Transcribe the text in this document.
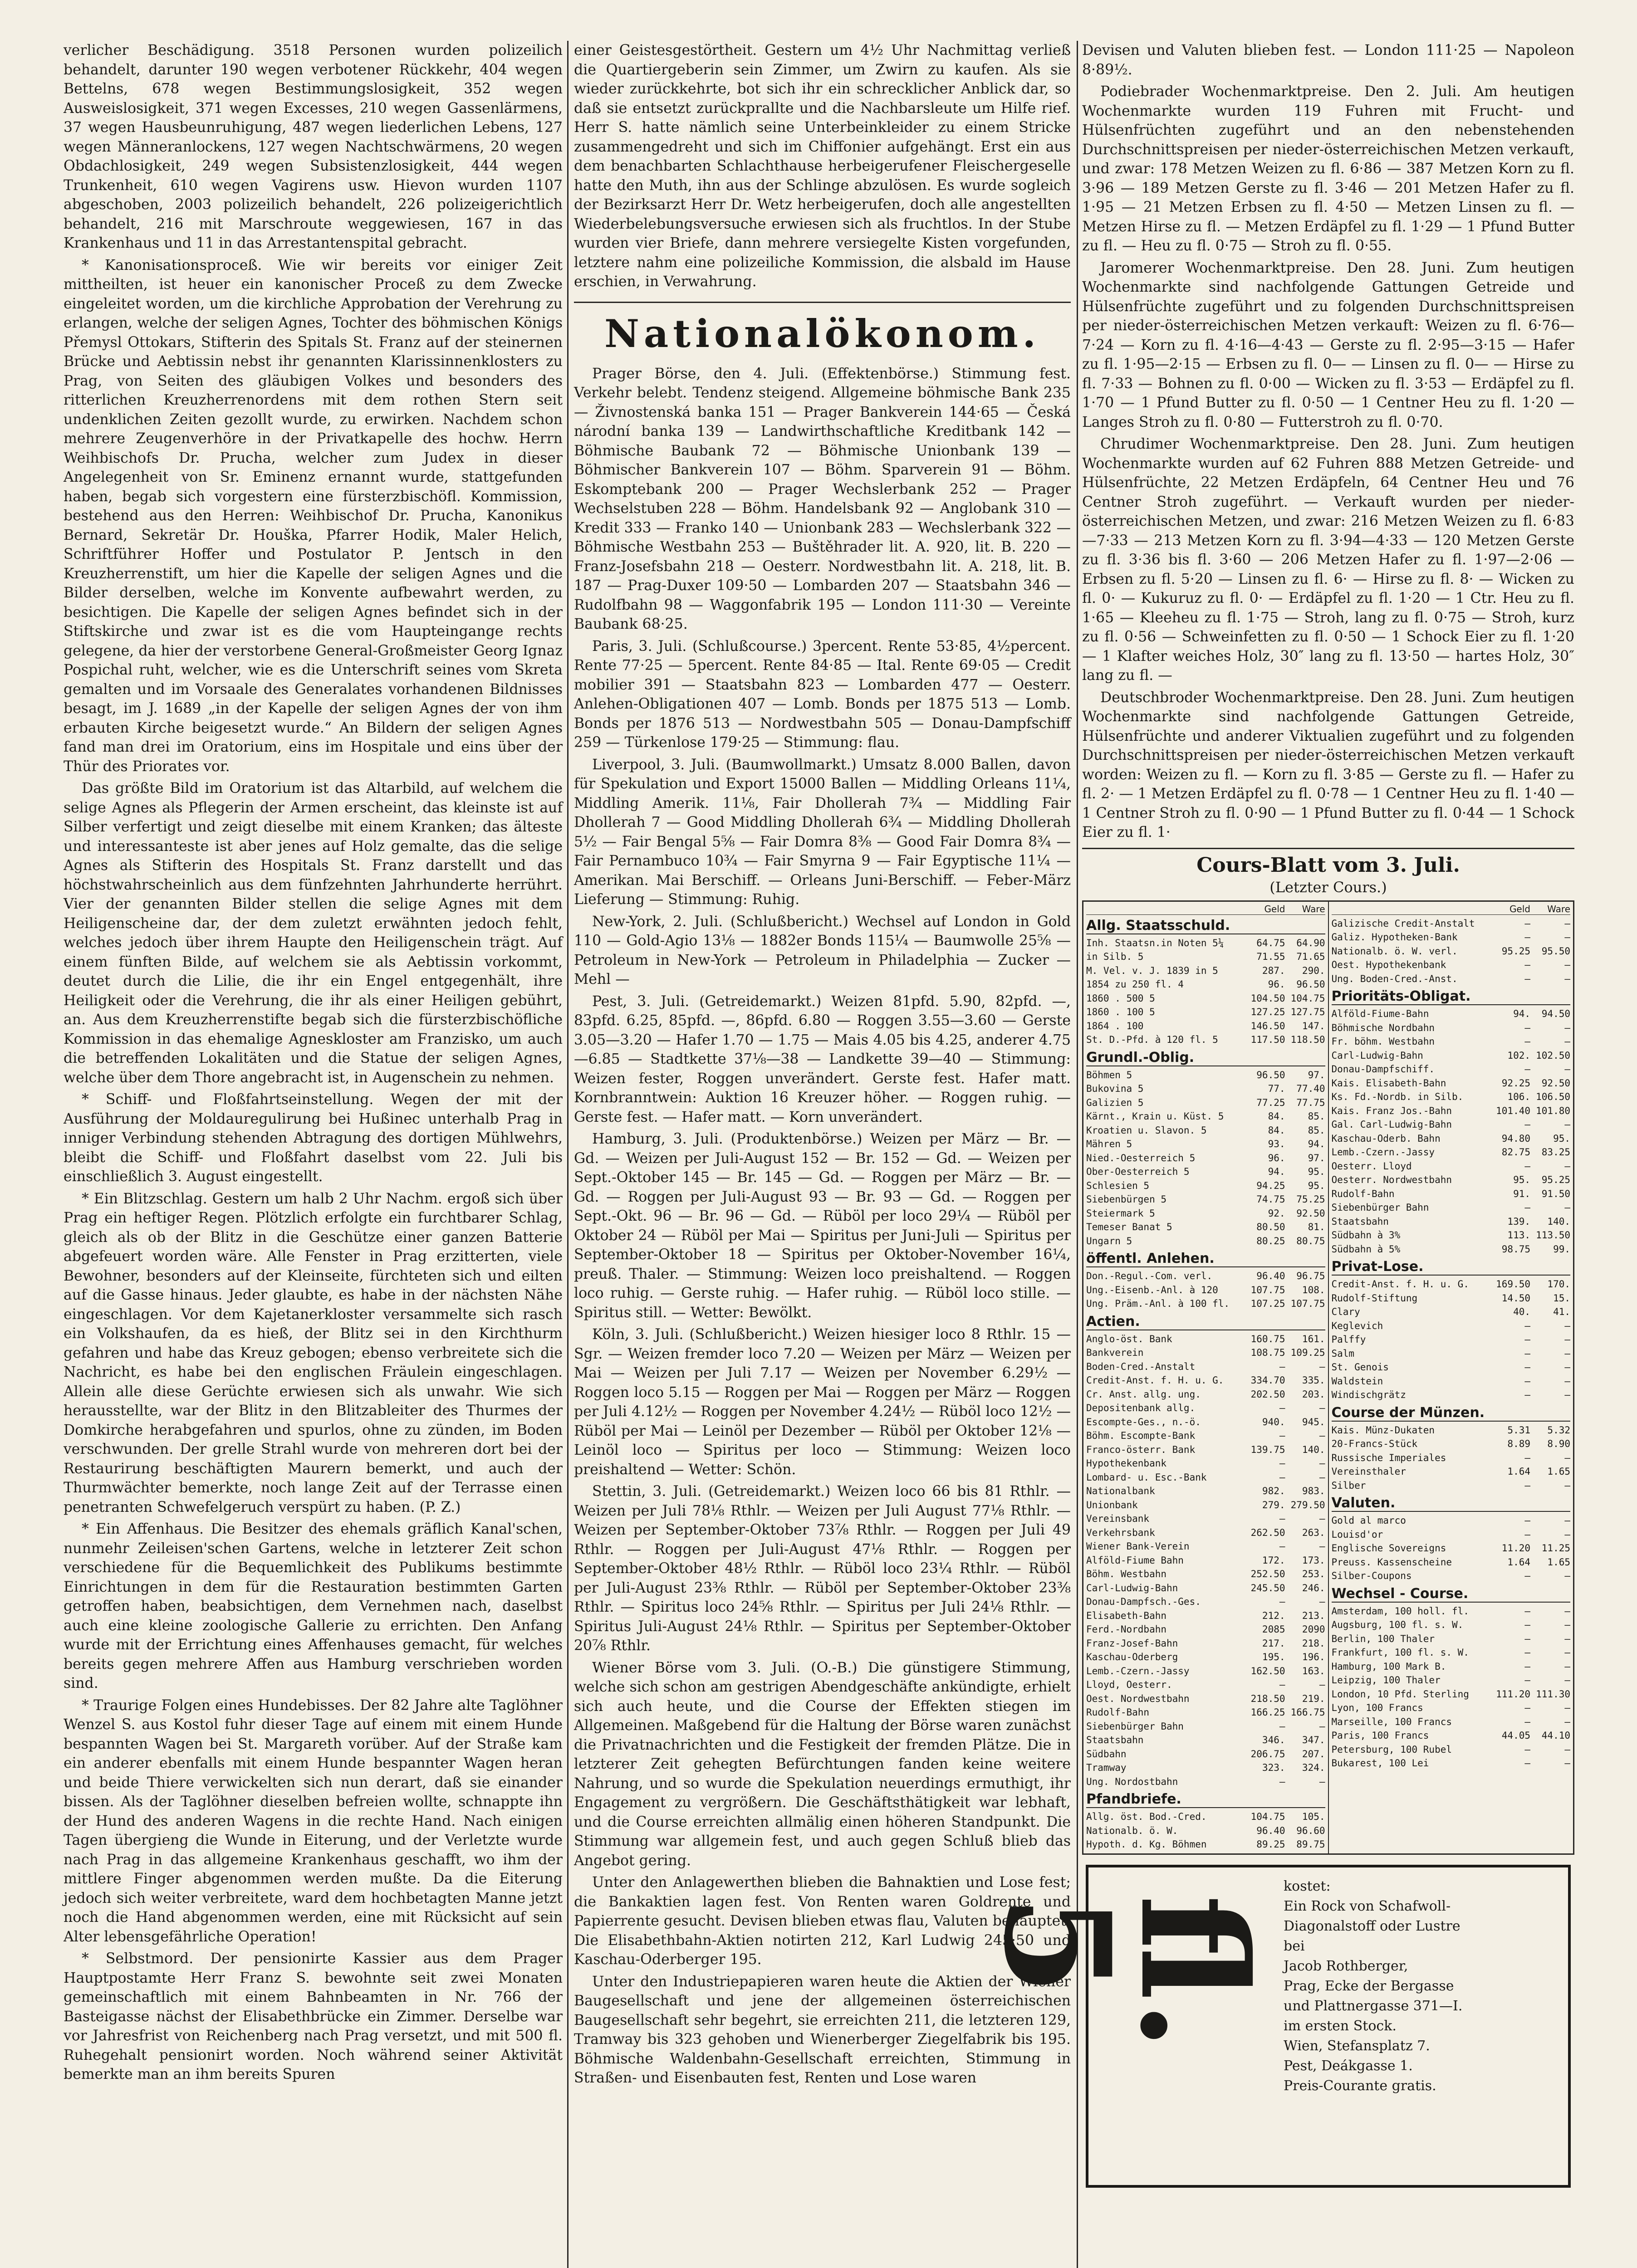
verlicher Beschädigung. 3518 Personen wurden polizeilich behandelt, darunter 190 wegen verbotener Rückkehr, 404 wegen Bettelns, 678 wegen Bestimmungslosigkeit, 352 wegen Ausweislosigkeit, 371 wegen Excesses, 210 wegen Gassenlärmens, 37 wegen Hausbeunruhigung, 487 wegen liederlichen Lebens, 127 wegen Männeranlockens, 127 wegen Nachtschwärmens, 20 wegen Obdachlosigkeit, 249 wegen Subsistenzlosigkeit, 444 wegen Trunkenheit, 610 wegen Vagirens usw. Hievon wurden 1107 abgeschoben, 2003 polizeilich behandelt, 226 polizeigerichtlich behandelt, 216 mit Marschroute weggewiesen, 167 in das Krankenhaus und 11 in das Arrestantenspital gebracht.

* Kanonisationsproceß. Wie wir bereits vor einiger Zeit mittheilten, ist heuer ein kanonischer Proceß zu dem Zwecke eingeleitet worden, um die kirchliche Approbation der Verehrung zu erlangen, welche der seligen Agnes, Tochter des böhmischen Königs Přemysl Ottokars, Stifterin des Spitals St. Franz auf der steinernen Brücke und Aebtissin nebst ihr genannten Klarissinnenklosters zu Prag, von Seiten des gläubigen Volkes und besonders des ritterlichen Kreuzherrenordens mit dem rothen Stern seit undenklichen Zeiten gezollt wurde, zu erwirken. Nachdem schon mehrere Zeugenverhöre in der Privatkapelle des hochw. Herrn Weihbischofs Dr. Prucha, welcher zum Judex in dieser Angelegenheit von Sr. Eminenz ernannt wurde, stattgefunden haben, begab sich vorgestern eine fürsterzbischöfl. Kommission, bestehend aus den Herren: Weihbischof Dr. Prucha, Kanonikus Bernard, Sekretär Dr. Houška, Pfarrer Hodik, Maler Helich, Schriftführer Hoffer und Postulator P. Jentsch in den Kreuzherrenstift, um hier die Kapelle der seligen Agnes und die Bilder derselben, welche im Konvente aufbewahrt werden, zu besichtigen. Die Kapelle der seligen Agnes befindet sich in der Stiftskirche und zwar ist es die vom Haupteingange rechts gelegene, da hier der verstorbene General-Großmeister Georg Ignaz Pospichal ruht, welcher, wie es die Unterschrift seines vom Skreta gemalten und im Vorsaale des Generalates vorhandenen Bildnisses besagt, im J. 1689 „in der Kapelle der seligen Agnes der von ihm erbauten Kirche beigesetzt wurde.“ An Bildern der seligen Agnes fand man drei im Oratorium, eins im Hospitale und eins über der Thür des Priorates vor.

Das größte Bild im Oratorium ist das Altarbild, auf welchem die selige Agnes als Pflegerin der Armen erscheint, das kleinste ist auf Silber verfertigt und zeigt dieselbe mit einem Kranken; das älteste und interessanteste ist aber jenes auf Holz gemalte, das die selige Agnes als Stifterin des Hospitals St. Franz darstellt und das höchstwahrscheinlich aus dem fünfzehnten Jahrhunderte herrührt. Vier der genannten Bilder stellen die selige Agnes mit dem Heiligenscheine dar, der dem zuletzt erwähnten jedoch fehlt, welches jedoch über ihrem Haupte den Heiligenschein trägt. Auf einem fünften Bilde, auf welchem sie als Aebtissin vorkommt, deutet durch die Lilie, die ihr ein Engel entgegenhält, ihre Heiligkeit oder die Verehrung, die ihr als einer Heiligen gebührt, an. Aus dem Kreuzherrenstifte begab sich die fürsterzbischöfliche Kommission in das ehemalige Agneskloster am Franzisko, um auch die betreffenden Lokalitäten und die Statue der seligen Agnes, welche über dem Thore angebracht ist, in Augenschein zu nehmen.

* Schiff- und Floßfahrtseinstellung. Wegen der mit der Ausführung der Moldauregulirung bei Hußinec unterhalb Prag in inniger Verbindung stehenden Abtragung des dortigen Mühlwehrs, bleibt die Schiff- und Floßfahrt daselbst vom 22. Juli bis einschließlich 3. August eingestellt.

* Ein Blitzschlag. Gestern um halb 2 Uhr Nachm. ergoß sich über Prag ein heftiger Regen. Plötzlich erfolgte ein furchtbarer Schlag, gleich als ob der Blitz in die Geschütze einer ganzen Batterie abgefeuert worden wäre. Alle Fenster in Prag erzitterten, viele Bewohner, besonders auf der Kleinseite, fürchteten sich und eilten auf die Gasse hinaus. Jeder glaubte, es habe in der nächsten Nähe eingeschlagen. Vor dem Kajetanerkloster versammelte sich rasch ein Volkshaufen, da es hieß, der Blitz sei in den Kirchthurm gefahren und habe das Kreuz gebogen; ebenso verbreitete sich die Nachricht, es habe bei den englischen Fräulein eingeschlagen. Allein alle diese Gerüchte erwiesen sich als unwahr. Wie sich herausstellte, war der Blitz in den Blitzableiter des Thurmes der Domkirche herabgefahren und spurlos, ohne zu zünden, im Boden verschwunden. Der grelle Strahl wurde von mehreren dort bei der Restaurirung beschäftigten Maurern bemerkt, und auch der Thurmwächter bemerkte, noch lange Zeit auf der Terrasse einen penetranten Schwefelgeruch verspürt zu haben. (P. Z.)

* Ein Affenhaus. Die Besitzer des ehemals gräflich Kanal'schen, nunmehr Zeileisen'schen Gartens, welche in letzterer Zeit schon verschiedene für die Bequemlichkeit des Publikums bestimmte Einrichtungen in dem für die Restauration bestimmten Garten getroffen haben, beabsichtigen, dem Vernehmen nach, daselbst auch eine kleine zoologische Gallerie zu errichten. Den Anfang wurde mit der Errichtung eines Affenhauses gemacht, für welches bereits gegen mehrere Affen aus Hamburg verschrieben worden sind.

* Traurige Folgen eines Hundebisses. Der 82 Jahre alte Taglöhner Wenzel S. aus Kostol fuhr dieser Tage auf einem mit einem Hunde bespannten Wagen bei St. Margareth vorüber. Auf der Straße kam ein anderer ebenfalls mit einem Hunde bespannter Wagen heran und beide Thiere verwickelten sich nun derart, daß sie einander bissen. Als der Taglöhner dieselben befreien wollte, schnappte ihn der Hund des anderen Wagens in die rechte Hand. Nach einigen Tagen übergieng die Wunde in Eiterung, und der Verletzte wurde nach Prag in das allgemeine Krankenhaus geschafft, wo ihm der mittlere Finger abgenommen werden mußte. Da die Eiterung jedoch sich weiter verbreitete, ward dem hochbetagten Manne jetzt noch die Hand abgenommen werden, eine mit Rücksicht auf sein Alter lebensgefährliche Operation!

* Selbstmord. Der pensionirte Kassier aus dem Prager Hauptpostamte Herr Franz S. bewohnte seit zwei Monaten gemeinschaftlich mit einem Bahnbeamten in Nr. 766 der Basteigasse nächst der Elisabethbrücke ein Zimmer. Derselbe war vor Jahresfrist von Reichenberg nach Prag versetzt, und mit 500 fl. Ruhegehalt pensionirt worden. Noch während seiner Aktivität bemerkte man an ihm bereits Spuren

einer Geistesgestörtheit. Gestern um 4½ Uhr Nachmittag verließ die Quartiergeberin sein Zimmer, um Zwirn zu kaufen. Als sie wieder zurückkehrte, bot sich ihr ein schrecklicher Anblick dar, so daß sie entsetzt zurückprallte und die Nachbarsleute um Hilfe rief. Herr S. hatte nämlich seine Unterbeinkleider zu einem Stricke zusammengedreht und sich im Chiffonier aufgehängt. Erst ein aus dem benachbarten Schlachthause herbeigerufener Fleischergeselle hatte den Muth, ihn aus der Schlinge abzulösen. Es wurde sogleich der Bezirksarzt Herr Dr. Wetz herbeigerufen, doch alle angestellten Wiederbelebungsversuche erwiesen sich als fruchtlos. In der Stube wurden vier Briefe, dann mehrere versiegelte Kisten vorgefunden, letztere nahm eine polizeiliche Kommission, die alsbald im Hause erschien, in Verwahrung.

Nationalökonom.

Prager Börse, den 4. Juli. (Effektenbörse.) Stimmung fest. Verkehr belebt. Tendenz steigend. Allgemeine böhmische Bank 235 — Živnostenská banka 151 — Prager Bankverein 144·65 — Česká národní banka 139 — Landwirthschaftliche Kreditbank 142 — Böhmische Baubank 72 — Böhmische Unionbank 139 — Böhmischer Bankverein 107 — Böhm. Sparverein 91 — Böhm. Eskomptebank 200 — Prager Wechslerbank 252 — Prager Wechselstuben 228 — Böhm. Handelsbank 92 — Anglobank 310 — Kredit 333 — Franko 140 — Unionbank 283 — Wechslerbank 322 — Böhmische Westbahn 253 — Buštěhrader lit. A. 920, lit. B. 220 — Franz-Josefsbahn 218 — Oesterr. Nordwestbahn lit. A. 218, lit. B. 187 — Prag-Duxer 109·50 — Lombarden 207 — Staatsbahn 346 — Rudolfbahn 98 — Waggonfabrik 195 — London 111·30 — Vereinte Baubank 68·25.

Paris, 3. Juli. (Schlußcourse.) 3percent. Rente 53·85, 4½percent. Rente 77·25 — 5percent. Rente 84·85 — Ital. Rente 69·05 — Credit mobilier 391 — Staatsbahn 823 — Lombarden 477 — Oesterr. Anlehen-Obligationen 407 — Lomb. Bonds per 1875 513 — Lomb. Bonds per 1876 513 — Nordwestbahn 505 — Donau-Dampfschiff 259 — Türkenlose 179·25 — Stimmung: flau.

Liverpool, 3. Juli. (Baumwollmarkt.) Umsatz 8.000 Ballen, davon für Spekulation und Export 15000 Ballen — Middling Orleans 11¼, Middling Amerik. 11⅛, Fair Dhollerah 7¾ — Middling Fair Dhollerah 7 — Good Middling Dhollerah 6¾ — Middling Dhollerah 5½ — Fair Bengal 5⅝ — Fair Domra 8⅜ — Good Fair Domra 8¾ — Fair Pernambuco 10¾ — Fair Smyrna 9 — Fair Egyptische 11¼ — Amerikan. Mai Berschiff. — Orleans Juni-Berschiff. — Feber-März Lieferung — Stimmung: Ruhig.

New-York, 2. Juli. (Schlußbericht.) Wechsel auf London in Gold 110 — Gold-Agio 13⅛ — 1882er Bonds 115¼ — Baumwolle 25⅝ — Petroleum in New-York — Petroleum in Philadelphia — Zucker — Mehl —

Pest, 3. Juli. (Getreidemarkt.) Weizen 81pfd. 5.90, 82pfd. —, 83pfd. 6.25, 85pfd. —, 86pfd. 6.80 — Roggen 3.55—3.60 — Gerste 3.05—3.20 — Hafer 1.70 — 1.75 — Mais 4.05 bis 4.25, anderer 4.75—6.85 — Stadtkette 37⅛—38 — Landkette 39—40 — Stimmung: Weizen fester, Roggen unverändert. Gerste fest. Hafer matt. Kornbranntwein: Auktion 16 Kreuzer höher. — Roggen ruhig. — Gerste fest. — Hafer matt. — Korn unverändert.

Hamburg, 3. Juli. (Produktenbörse.) Weizen per März — Br. — Gd. — Weizen per Juli-August 152 — Br. 152 — Gd. — Weizen per Sept.-Oktober 145 — Br. 145 — Gd. — Roggen per März — Br. — Gd. — Roggen per Juli-August 93 — Br. 93 — Gd. — Roggen per Sept.-Okt. 96 — Br. 96 — Gd. — Rüböl per loco 29¼ — Rüböl per Oktober 24 — Rüböl per Mai — Spiritus per Juni-Juli — Spiritus per September-Oktober 18 — Spiritus per Oktober-November 16¼, preuß. Thaler. — Stimmung: Weizen loco preishaltend. — Roggen loco ruhig. — Gerste ruhig. — Hafer ruhig. — Rüböl loco stille. — Spiritus still. — Wetter: Bewölkt.

Köln, 3. Juli. (Schlußbericht.) Weizen hiesiger loco 8 Rthlr. 15 — Sgr. — Weizen fremder loco 7.20 — Weizen per März — Weizen per Mai — Weizen per Juli 7.17 — Weizen per November 6.29½ — Roggen loco 5.15 — Roggen per Mai — Roggen per März — Roggen per Juli 4.12½ — Roggen per November 4.24½ — Rüböl loco 12½ — Rüböl per Mai — Leinöl per Dezember — Rüböl per Oktober 12⅛ — Leinöl loco — Spiritus per loco — Stimmung: Weizen loco preishaltend — Wetter: Schön.

Stettin, 3. Juli. (Getreidemarkt.) Weizen loco 66 bis 81 Rthlr. — Weizen per Juli 78⅛ Rthlr. — Weizen per Juli August 77⅛ Rthlr. — Weizen per September-Oktober 73⅞ Rthlr. — Roggen per Juli 49 Rthlr. — Roggen per Juli-August 47⅛ Rthlr. — Roggen per September-Oktober 48½ Rthlr. — Rüböl loco 23¼ Rthlr. — Rüböl per Juli-August 23⅜ Rthlr. — Rüböl per September-Oktober 23⅜ Rthlr. — Spiritus loco 24⅝ Rthlr. — Spiritus per Juli 24⅛ Rthlr. — Spiritus Juli-August 24⅛ Rthlr. — Spiritus per September-Oktober 20⅞ Rthlr.

Wiener Börse vom 3. Juli. (O.-B.) Die günstigere Stimmung, welche sich schon am gestrigen Abendgeschäfte ankündigte, erhielt sich auch heute, und die Course der Effekten stiegen im Allgemeinen. Maßgebend für die Haltung der Börse waren zunächst die Privatnachrichten und die Festigkeit der fremden Plätze. Die in letzterer Zeit gehegten Befürchtungen fanden keine weitere Nahrung, und so wurde die Spekulation neuerdings ermuthigt, ihr Engagement zu vergrößern. Die Geschäftsthätigkeit war lebhaft, und die Course erreichten allmälig einen höheren Standpunkt. Die Stimmung war allgemein fest, und auch gegen Schluß blieb das Angebot gering.

Unter den Anlagewerthen blieben die Bahnaktien und Lose fest; die Bankaktien lagen fest. Von Renten waren Goldrente und Papierrente gesucht. Devisen blieben etwas flau, Valuten behauptet. Die Elisabethbahn-Aktien notirten 212, Karl Ludwig 245·50 und Kaschau-Oderberger 195.

Unter den Industriepapieren waren heute die Aktien der Wiener Baugesellschaft und jene der allgemeinen österreichischen Baugesellschaft sehr begehrt, sie erreichten 211, die letzteren 129, Tramway bis 323 gehoben und Wienerberger Ziegelfabrik bis 195. Böhmische Waldenbahn-Gesellschaft erreichten, Stimmung in Straßen- und Eisenbauten fest, Renten und Lose waren

Devisen und Valuten blieben fest. — London 111·25 — Napoleon 8·89½.

Podiebrader Wochenmarktpreise. Den 2. Juli. Am heutigen Wochenmarkte wurden 119 Fuhren mit Frucht- und Hülsenfrüchten zugeführt und an den nebenstehenden Durchschnittspreisen per nieder-österreichischen Metzen verkauft, und zwar: 178 Metzen Weizen zu fl. 6·86 — 387 Metzen Korn zu fl. 3·96 — 189 Metzen Gerste zu fl. 3·46 — 201 Metzen Hafer zu fl. 1·95 — 21 Metzen Erbsen zu fl. 4·50 — Metzen Linsen zu fl. — Metzen Hirse zu fl. — Metzen Erdäpfel zu fl. 1·29 — 1 Pfund Butter zu fl. — Heu zu fl. 0·75 — Stroh zu fl. 0·55.

Jaromerer Wochenmarktpreise. Den 28. Juni. Zum heutigen Wochenmarkte sind nachfolgende Gattungen Getreide und Hülsenfrüchte zugeführt und zu folgenden Durchschnittspreisen per nieder-österreichischen Metzen verkauft: Weizen zu fl. 6·76—7·24 — Korn zu fl. 4·16—4·43 — Gerste zu fl. 2·95—3·15 — Hafer zu fl. 1·95—2·15 — Erbsen zu fl. 0— — Linsen zu fl. 0— — Hirse zu fl. 7·33 — Bohnen zu fl. 0·00 — Wicken zu fl. 3·53 — Erdäpfel zu fl. 1·70 — 1 Pfund Butter zu fl. 0·50 — 1 Centner Heu zu fl. 1·20 — Langes Stroh zu fl. 0·80 — Futterstroh zu fl. 0·70.

Chrudimer Wochenmarktpreise. Den 28. Juni. Zum heutigen Wochenmarkte wurden auf 62 Fuhren 888 Metzen Getreide- und Hülsenfrüchte, 22 Metzen Erdäpfeln, 64 Centner Heu und 76 Centner Stroh zugeführt. — Verkauft wurden per nieder-österreichischen Metzen, und zwar: 216 Metzen Weizen zu fl. 6·83—7·33 — 213 Metzen Korn zu fl. 3·94—4·33 — 120 Metzen Gerste zu fl. 3·36 bis fl. 3·60 — 206 Metzen Hafer zu fl. 1·97—2·06 — Erbsen zu fl. 5·20 — Linsen zu fl. 6· — Hirse zu fl. 8· — Wicken zu fl. 0· — Kukuruz zu fl. 0· — Erdäpfel zu fl. 1·20 — 1 Ctr. Heu zu fl. 1·65 — Kleeheu zu fl. 1·75 — Stroh, lang zu fl. 0·75 — Stroh, kurz zu fl. 0·56 — Schweinfetten zu fl. 0·50 — 1 Schock Eier zu fl. 1·20 — 1 Klafter weiches Holz, 30″ lang zu fl. 13·50 — hartes Holz, 30″ lang zu fl. —

Deutschbroder Wochenmarktpreise. Den 28. Juni. Zum heutigen Wochenmarkte sind nachfolgende Gattungen Getreide, Hülsenfrüchte und anderer Viktualien zugeführt und zu folgenden Durchschnittspreisen per nieder-österreichischen Metzen verkauft worden: Weizen zu fl. — Korn zu fl. 3·85 — Gerste zu fl. — Hafer zu fl. 2· — 1 Metzen Erdäpfel zu fl. 0·78 — 1 Centner Heu zu fl. 1·40 — 1 Centner Stroh zu fl. 0·90 — 1 Pfund Butter zu fl. 0·44 — 1 Schock Eier zu fl. 1·

Cours-Blatt vom 3. Juli.
(Letzter Cours.)
Geld	Ware
Allg. Staatsschuld.
Inh. Staatsn.in Noten 5¼	64.75	64.90
in Silb. 5	71.55	71.65
M. Vel. v. J. 1839 in 5	287.	290.
1854 zu 250 fl. 4	96.	96.50
1860 . 500 5	104.50 104.75
1860 . 100 5	127.25 127.75
1864 . 100	146.50	147.
St. D.-Pfd. à 120 fl. 5	117.50 118.50
Grundl.-Oblig.
Böhmen 5	96.50	97.
Bukovina 5	77.	77.40
Galizien 5	77.25	77.75
Kärnt., Krain u. Küst. 5	84.	85.
Kroatien u. Slavon. 5	84.	85.
Mähren 5	93.	94.
Nied.-Oesterreich 5	96.	97.
Ober-Oesterreich 5	94.	95.
Schlesien 5	94.25	95.
Siebenbürgen 5	74.75	75.25
Steiermark 5	92.	92.50
Temeser Banat 5	80.50	81.
Ungarn 5	80.25	80.75
öffentl. Anlehen.
Don.-Regul.-Com. verl.	96.40	96.75
Ung.-Eisenb.-Anl. à 120	107.75	108.
Ung. Präm.-Anl. à 100 fl.	107.25 107.75
Actien.
Anglo-öst. Bank	160.75	161.
Bankverein	108.75 109.25
Boden-Cred.-Anstalt	—	—
Credit-Anst. f. H. u. G.	334.70	335.
Cr. Anst. allg. ung.	202.50	203.
Depositenbank allg.	—	—
Escompte-Ges., n.-ö.	940.	945.
Böhm. Escompte-Bank	—	—
Franco-österr. Bank	139.75	140.
Hypothekenbank	—	—
Lombard- u. Esc.-Bank	—	—
Nationalbank	982.	983.
Unionbank	279. 279.50
Vereinsbank	—	—
Verkehrsbank	262.50	263.
Wiener Bank-Verein	—	—
Alföld-Fiume Bahn	172.	173.
Böhm. Westbahn	252.50	253.
Carl-Ludwig-Bahn	245.50	246.
Donau-Dampfsch.-Ges.	—	—
Elisabeth-Bahn	212.	213.
Ferd.-Nordbahn	2085	2090
Franz-Josef-Bahn	217.	218.
Kaschau-Oderberg	195.	196.
Lemb.-Czern.-Jassy	162.50	163.
Lloyd, Oesterr.	—	—
Oest. Nordwestbahn	218.50	219.
Rudolf-Bahn	166.25 166.75
Siebenbürger Bahn	—	—
Staatsbahn	346.	347.
Südbahn	206.75	207.
Tramway	323.	324.
Ung. Nordostbahn	—	—
Pfandbriefe.
Allg. öst. Bod.-Cred.	104.75	105.
Nationalb. ö. W.	96.40	96.60
Hypoth. d. Kg. Böhmen	89.25	89.75
Geld	Ware
Galizische Credit-Anstalt	—	—
Galiz. Hypotheken-Bank	—	—
Nationalb. ö. W. verl.	95.25	95.50
Oest. Hypothekenbank	—	—
Ung. Boden-Cred.-Anst.	—	—
Prioritäts-Obligat.
Alföld-Fiume-Bahn	94.	94.50
Böhmische Nordbahn	—	—
Fr. böhm. Westbahn	—	—
Carl-Ludwig-Bahn	102. 102.50
Donau-Dampfschiff.	—	—
Kais. Elisabeth-Bahn	92.25	92.50
Ks. Fd.-Nordb. in Silb.	106. 106.50
Kais. Franz Jos.-Bahn	101.40 101.80
Gal. Carl-Ludwig-Bahn	—	—
Kaschau-Oderb. Bahn	94.80	95.
Lemb.-Czern.-Jassy	82.75	83.25
Oesterr. Lloyd	—	—
Oesterr. Nordwestbahn	95.	95.25
Rudolf-Bahn	91.	91.50
Siebenbürger Bahn	—	—
Staatsbahn	139.	140.
Südbahn à 3%	113. 113.50
Südbahn à 5%	98.75	99.
Privat-Lose.
Credit-Anst. f. H. u. G.	169.50	170.
Rudolf-Stiftung	14.50	15.
Clary	40.	41.
Keglevich	—	—
Palffy	—	—
Salm	—	—
St. Genois	—	—
Waldstein	—	—
Windischgrätz	—	—
Course der Münzen.
Kais. Münz-Dukaten	5.31	5.32
20-Francs-Stück	8.89	8.90
Russische Imperiales	—	—
Vereinsthaler	1.64	1.65
Silber	—	—
Valuten.
Gold al marco	—	—
Louisd'or	—	—
Englische Sovereigns	11.20	11.25
Preuss. Kassenscheine	1.64	1.65
Silber-Coupons	—	—
Wechsel - Course.
Amsterdam, 100 holl. fl.	—	—
Augsburg, 100 fl. s. W.	—	—
Berlin, 100 Thaler	—	—
Frankfurt, 100 fl. s. W.	—	—
Hamburg, 100 Mark B.	—	—
Leipzig, 100 Thaler	—	—
London, 10 Pfd. Sterling	111.20 111.30
Lyon, 100 Francs	—	—
Marseille, 100 Francs	—	—
Paris, 100 Francs	44.05	44.10
Petersburg, 100 Rubel	—	—
Bukarest, 100 Lei	—	—
fl. 5
kostet:
Ein Rock von Schafwoll-
Diagonalstoff oder Lustre
bei
Jacob Rothberger,
Prag, Ecke der Bergasse
und Plattnergasse 371—I.
im ersten Stock.
Wien, Stefansplatz 7.
Pest, Deákgasse 1.
Preis-Courante gratis.
